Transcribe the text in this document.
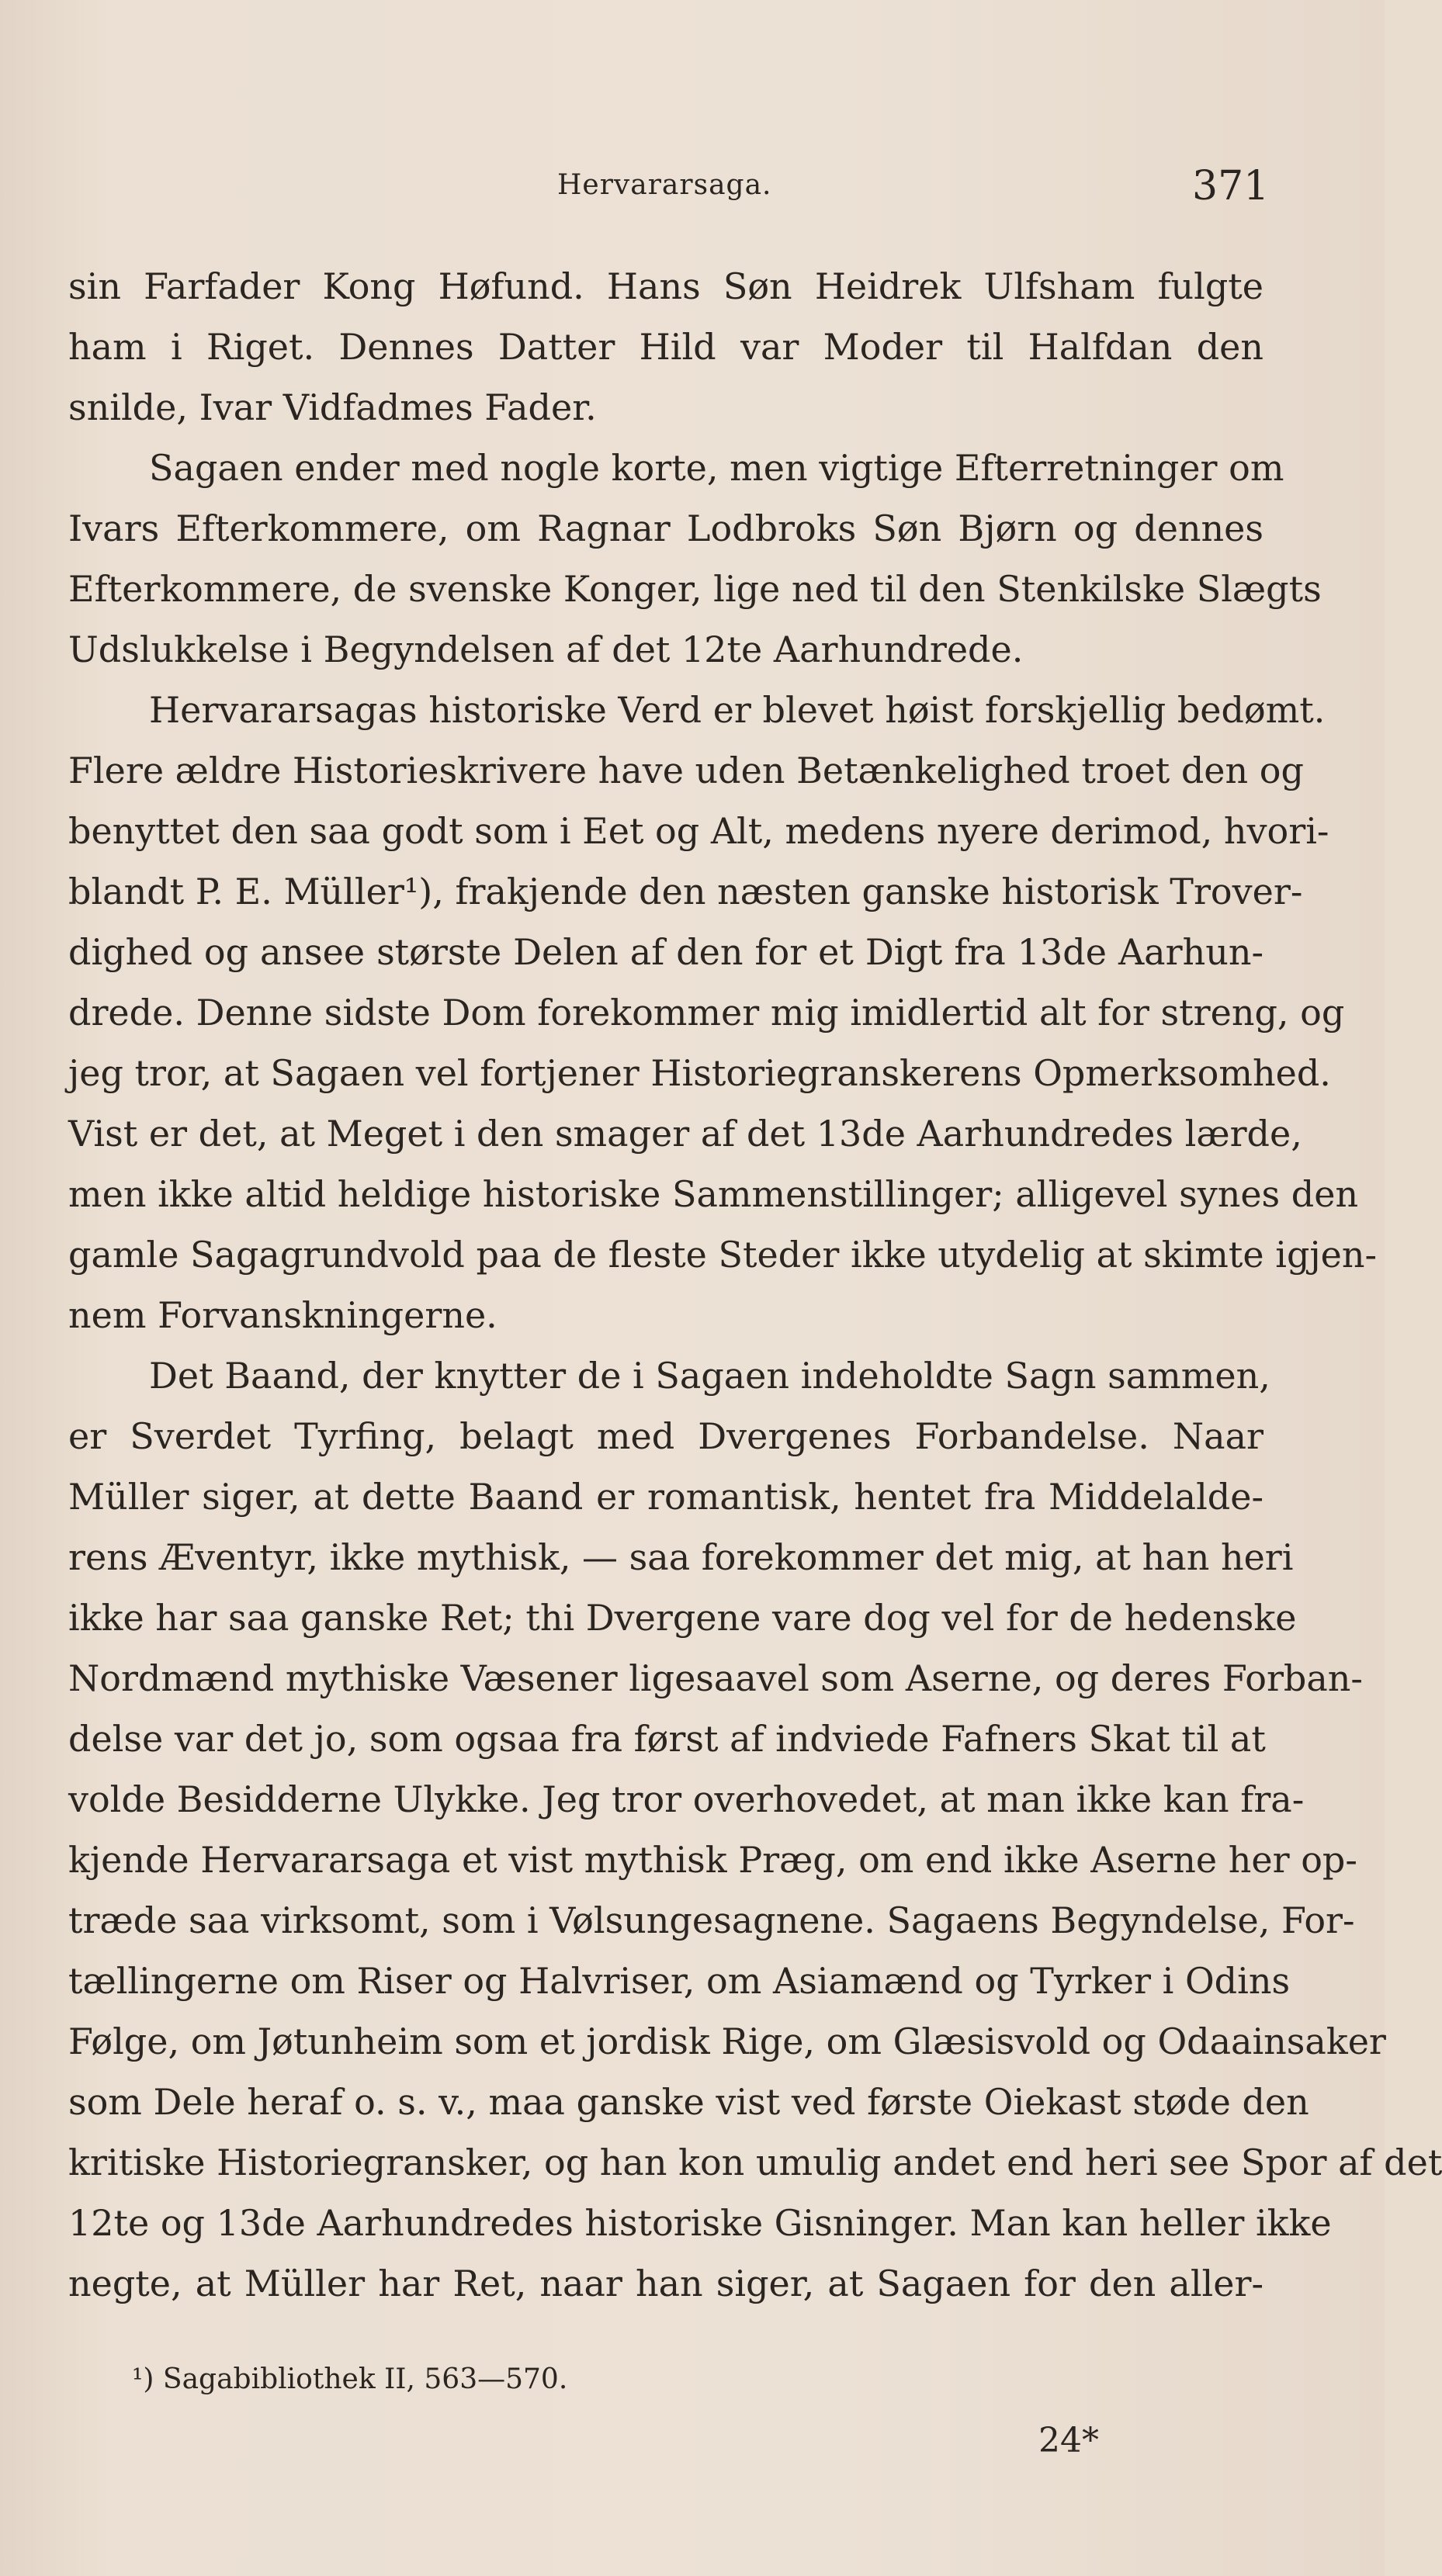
Hervararsaga.	371
sin Farfader Kong Høfund. Hans Søn Heidrek Ulfsham fulgte
ham i Riget. Dennes Datter Hild var Moder til Halfdan den
snilde, Ivar Vidfadmes Fader.
Sagaen ender med nogle korte, men vigtige Efterretninger om
Ivars Efterkommere, om Ragnar Lodbroks Søn Bjørn og dennes
Efterkommere, de svenske Konger, lige ned til den Stenkilske Slægts
Udslukkelse i Begyndelsen af det 12te Aarhundrede.
Hervararsagas historiske Verd er blevet høist forskjellig bedømt.
Flere ældre Historieskrivere have uden Betænkelighed troet den og
benyttet den saa godt som i Eet og Alt, medens nyere derimod, hvori-
blandt P. E. Müller¹), frakjende den næsten ganske historisk Trover-
dighed og ansee største Delen af den for et Digt fra 13de Aarhun-
drede. Denne sidste Dom forekommer mig imidlertid alt for streng, og
jeg tror, at Sagaen vel fortjener Historiegranskerens Opmerksomhed.
Vist er det, at Meget i den smager af det 13de Aarhundredes lærde,
men ikke altid heldige historiske Sammenstillinger; alligevel synes den
gamle Sagagrundvold paa de fleste Steder ikke utydelig at skimte igjen-
nem Forvanskningerne.
Det Baand, der knytter de i Sagaen indeholdte Sagn sammen,
er Sverdet Tyrfing, belagt med Dvergenes Forbandelse. Naar
Müller siger, at dette Baand er romantisk, hentet fra Middelalde-
rens Æventyr, ikke mythisk, — saa forekommer det mig, at han heri
ikke har saa ganske Ret; thi Dvergene vare dog vel for de hedenske
Nordmænd mythiske Væsener ligesaavel som Aserne, og deres Forban-
delse var det jo, som ogsaa fra først af indviede Fafners Skat til at
volde Besidderne Ulykke. Jeg tror overhovedet, at man ikke kan fra-
kjende Hervararsaga et vist mythisk Præg, om end ikke Aserne her op-
træde saa virksomt, som i Vølsungesagnene. Sagaens Begyndelse, For-
tællingerne om Riser og Halvriser, om Asiamænd og Tyrker i Odins
Følge, om Jøtunheim som et jordisk Rige, om Glæsisvold og Odaainsaker
som Dele heraf o. s. v., maa ganske vist ved første Oiekast støde den
kritiske Historiegransker, og han kon umulig andet end heri see Spor af det
12te og 13de Aarhundredes historiske Gisninger. Man kan heller ikke
negte, at Müller har Ret, naar han siger, at Sagaen for den aller-
¹) Sagabibliothek II, 563—570.
24*
